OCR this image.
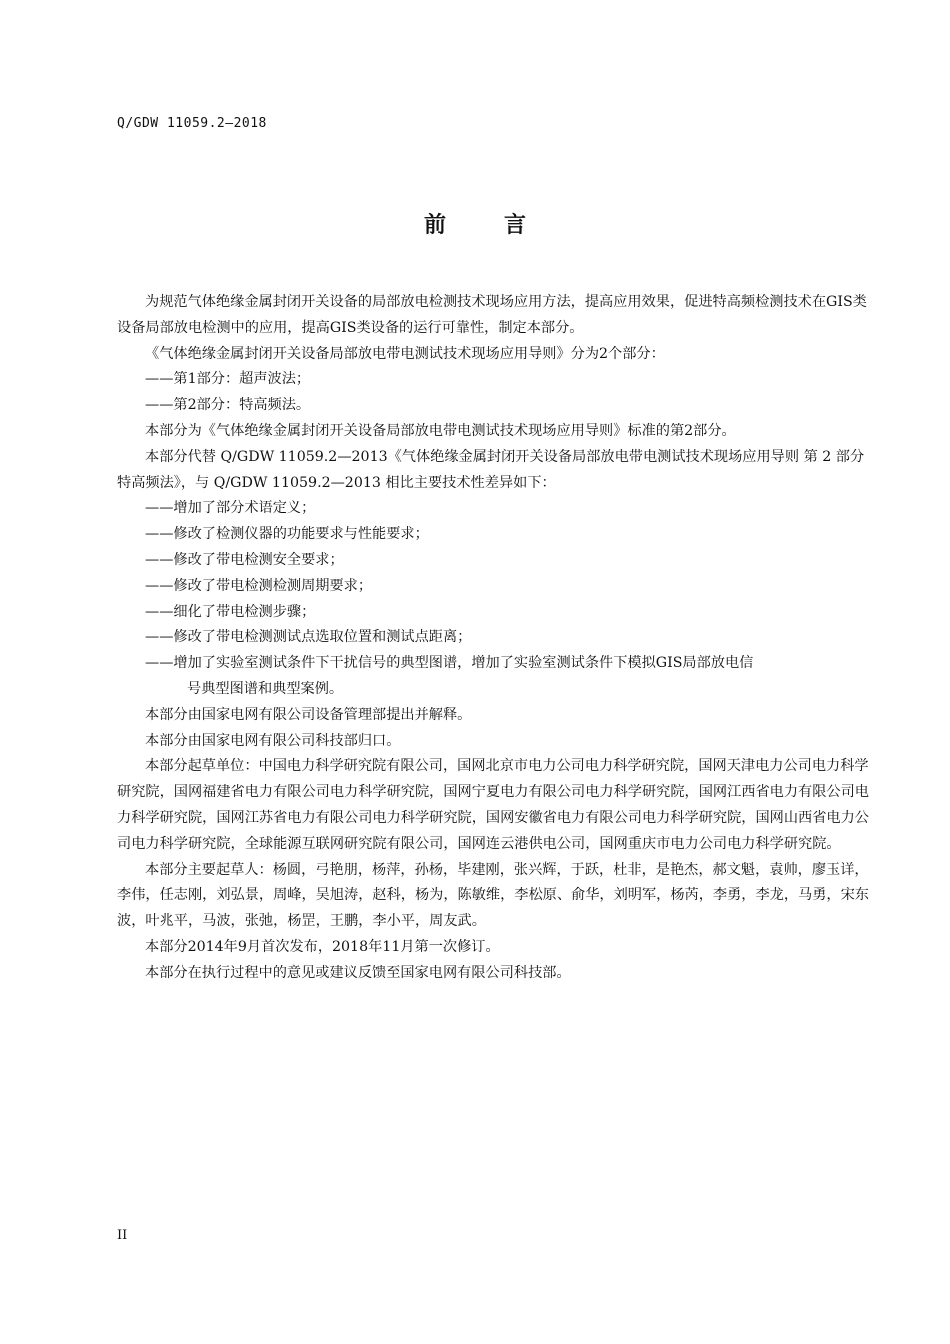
Q/GDW 11059.2—2018
前	言

为规范气体绝缘金属封闭开关设备的局部放电检测技术现场应用方法，提高应用效果，促进特高频检测技术在GIS类设备局部放电检测中的应用，提高GIS类设备的运行可靠性，制定本部分。

《气体绝缘金属封闭开关设备局部放电带电测试技术现场应用导则》分为2个部分：

——第1部分：超声波法；

——第2部分：特高频法。

本部分为《气体绝缘金属封闭开关设备局部放电带电测试技术现场应用导则》标准的第2部分。

本部分代替 Q/GDW 11059.2—2013《气体绝缘金属封闭开关设备局部放电带电测试技术现场应用导则 第 2 部分 特高频法》，与 Q/GDW 11059.2—2013 相比主要技术性差异如下：

——增加了部分术语定义；

——修改了检测仪器的功能要求与性能要求；

——修改了带电检测安全要求；

——修改了带电检测检测周期要求；

——细化了带电检测步骤；

——修改了带电检测测试点选取位置和测试点距离；

——增加了实验室测试条件下干扰信号的典型图谱，增加了实验室测试条件下模拟GIS局部放电信
号典型图谱和典型案例。

本部分由国家电网有限公司设备管理部提出并解释。

本部分由国家电网有限公司科技部归口。

本部分起草单位：中国电力科学研究院有限公司，国网北京市电力公司电力科学研究院，国网天津电力公司电力科学研究院，国网福建省电力有限公司电力科学研究院，国网宁夏电力有限公司电力科学研究院，国网江西省电力有限公司电力科学研究院，国网江苏省电力有限公司电力科学研究院，国网安徽省电力有限公司电力科学研究院，国网山西省电力公司电力科学研究院，全球能源互联网研究院有限公司，国网连云港供电公司，国网重庆市电力公司电力科学研究院。

本部分主要起草人：杨圆，弓艳朋，杨萍，孙杨，毕建刚，张兴辉，于跃，杜非，是艳杰，郝文魁，袁帅，廖玉详，李伟，任志刚，刘弘景，周峰，吴旭涛，赵科，杨为，陈敏维，李松原、俞华，刘明军，杨芮，李勇，李龙，马勇，宋东波，叶兆平，马波，张弛，杨罡，王鹏，李小平，周友武。

本部分2014年9月首次发布，2018年11月第一次修订。

本部分在执行过程中的意见或建议反馈至国家电网有限公司科技部。

II
